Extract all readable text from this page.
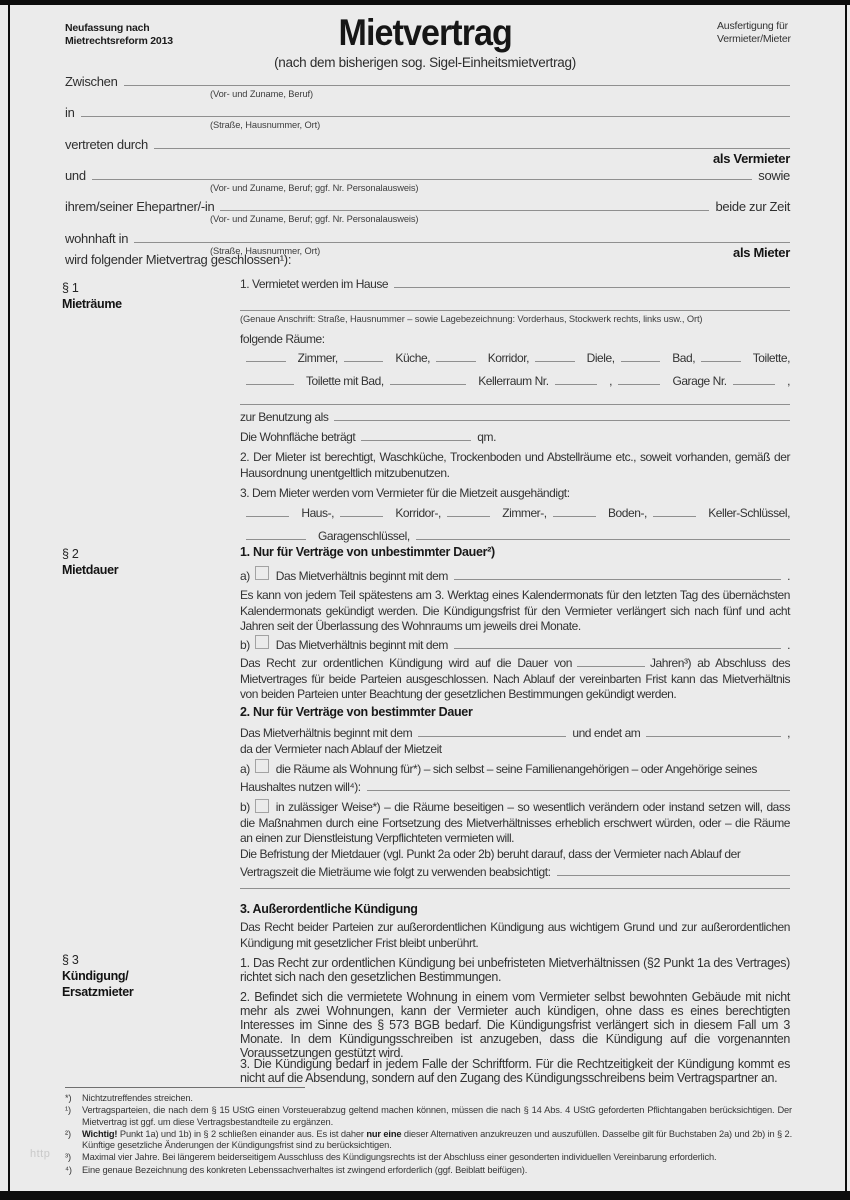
Neufassung nach
Mietrechtsreform 2013	Mietvertrag
(nach dem bisherigen sog. Sigel-Einheitsmietvertrag)
Ausfertigung für
Vermieter/Mieter
Zwischen
(Vor- und Zuname, Beruf)
in
(Straße, Hausnummer, Ort)
vertreten durch
als Vermieter
und	sowie
(Vor- und Zuname, Beruf; ggf. Nr. Personalausweis)
ihrem/seiner Ehepartner/-in	beide zur Zeit
(Vor- und Zuname, Beruf; ggf. Nr. Personalausweis)
wohnhaft in
als Mieter
(Straße, Hausnummer, Ort)
wird folgender Mietvertrag geschlossen¹):
§ 1
Mieträume
1. Vermietet werden im Hause
(Genaue Anschrift: Straße, Hausnummer – sowie Lagebezeichnung: Vorderhaus, Stockwerk rechts, links usw., Ort)
folgende Räume:
Zimmer,	Küche,	Korridor,	Diele,	Bad,	Toilette,
Toilette mit Bad,	Kellerraum Nr.	,	Garage Nr.	,
zur Benutzung als
Die Wohnfläche beträgt	qm.

2. Der Mieter ist berechtigt, Waschküche, Trockenboden und Abstellräume etc., soweit vorhanden, gemäß der Hausordnung unentgeltlich mitzubenutzen.

3. Dem Mieter werden vom Vermieter für die Mietzeit ausgehändigt:
Haus-,	Korridor-,	Zimmer-,	Boden-,	Keller-Schlüssel,
Garagenschlüssel,
§ 2
Mietdauer
1. Nur für Verträge von unbestimmter Dauer²)
a) Das Mietverhältnis beginnt mit dem	.

Es kann von jedem Teil spätestens am 3. Werktag eines Kalendermonats für den letzten Tag des übernächsten Kalendermonats gekündigt werden. Die Kündigungsfrist für den Vermieter verlängert sich nach fünf und acht Jahren seit der Überlassung des Wohnraums um jeweils drei Monate.

b) Das Mietverhältnis beginnt mit dem	.

Das Recht zur ordentlichen Kündigung wird auf die Dauer von	Jahren³) ab Abschluss des Mietvertrages für beide Parteien ausgeschlossen. Nach Ablauf der vereinbarten Frist kann das Mietverhältnis von beiden Parteien unter Beachtung der gesetzlichen Bestimmungen gekündigt werden.

2. Nur für Verträge von bestimmter Dauer
Das Mietverhältnis beginnt mit dem	und endet am	,
da der Vermieter nach Ablauf der Mietzeit
a) die Räume als Wohnung für*) – sich selbst – seine Familienangehörigen – oder Angehörige seines
Haushaltes nutzen will⁴):

b) in zulässiger Weise*) – die Räume beseitigen – so wesentlich verändern oder instand setzen will, dass die Maßnahmen durch eine Fortsetzung des Mietverhältnisses erheblich erschwert würden, oder – die Räume an einen zur Dienstleistung Verpflichteten vermieten will.

Die Befristung der Mietdauer (vgl. Punkt 2a oder 2b) beruht darauf, dass der Vermieter nach Ablauf der
Vertragszeit die Mieträume wie folgt zu verwenden beabsichtigt:
3. Außerordentliche Kündigung

Das Recht beider Parteien zur außerordentlichen Kündigung aus wichtigem Grund und zur außerordentlichen Kündigung mit gesetzlicher Frist bleibt unberührt.

§ 3
Kündigung/
Ersatzmieter

1. Das Recht zur ordentlichen Kündigung bei unbefristeten Mietverhältnissen (§2 Punkt 1a des Vertrages) richtet sich nach den gesetzlichen Bestimmungen.

2. Befindet sich die vermietete Wohnung in einem vom Vermieter selbst bewohnten Gebäude mit nicht mehr als zwei Wohnungen, kann der Vermieter auch kündigen, ohne dass es eines berechtigten Interesses im Sinne des § 573 BGB bedarf. Die Kündigungsfrist verlängert sich in diesem Fall um 3 Monate. In dem Kündigungsschreiben ist anzugeben, dass die Kündigung auf die vorgenannten Voraussetzungen gestützt wird.

3. Die Kündigung bedarf in jedem Falle der Schriftform. Für die Rechtzeitigkeit der Kündigung kommt es nicht auf die Absendung, sondern auf den Zugang des Kündigungsschreibens beim Vertragspartner an.

*)	Nichtzutreffendes streichen.
¹)	Vertragsparteien, die nach dem § 15 UStG einen Vorsteuerabzug geltend machen können, müssen die nach § 14 Abs. 4 UStG geforderten Pflichtangaben berücksichtigen. Der Mietvertrag ist ggf. um diese Vertragsbestandteile zu ergänzen.
²)	Wichtig! Punkt 1a) und 1b) in § 2 schließen einander aus. Es ist daher nur eine dieser Alternativen anzukreuzen und auszufüllen. Dasselbe gilt für Buchstaben 2a) und 2b) in § 2. Künftige gesetzliche Änderungen der Kündigungsfrist sind zu berücksichtigen.
³)	Maximal vier Jahre. Bei längerem beiderseitigem Ausschluss des Kündigungsrechts ist der Abschluss einer gesonderten individuellen Vereinbarung erforderlich.
⁴)	Eine genaue Bezeichnung des konkreten Lebenssachverhaltes ist zwingend erforderlich (ggf. Beiblatt beifügen).
http
